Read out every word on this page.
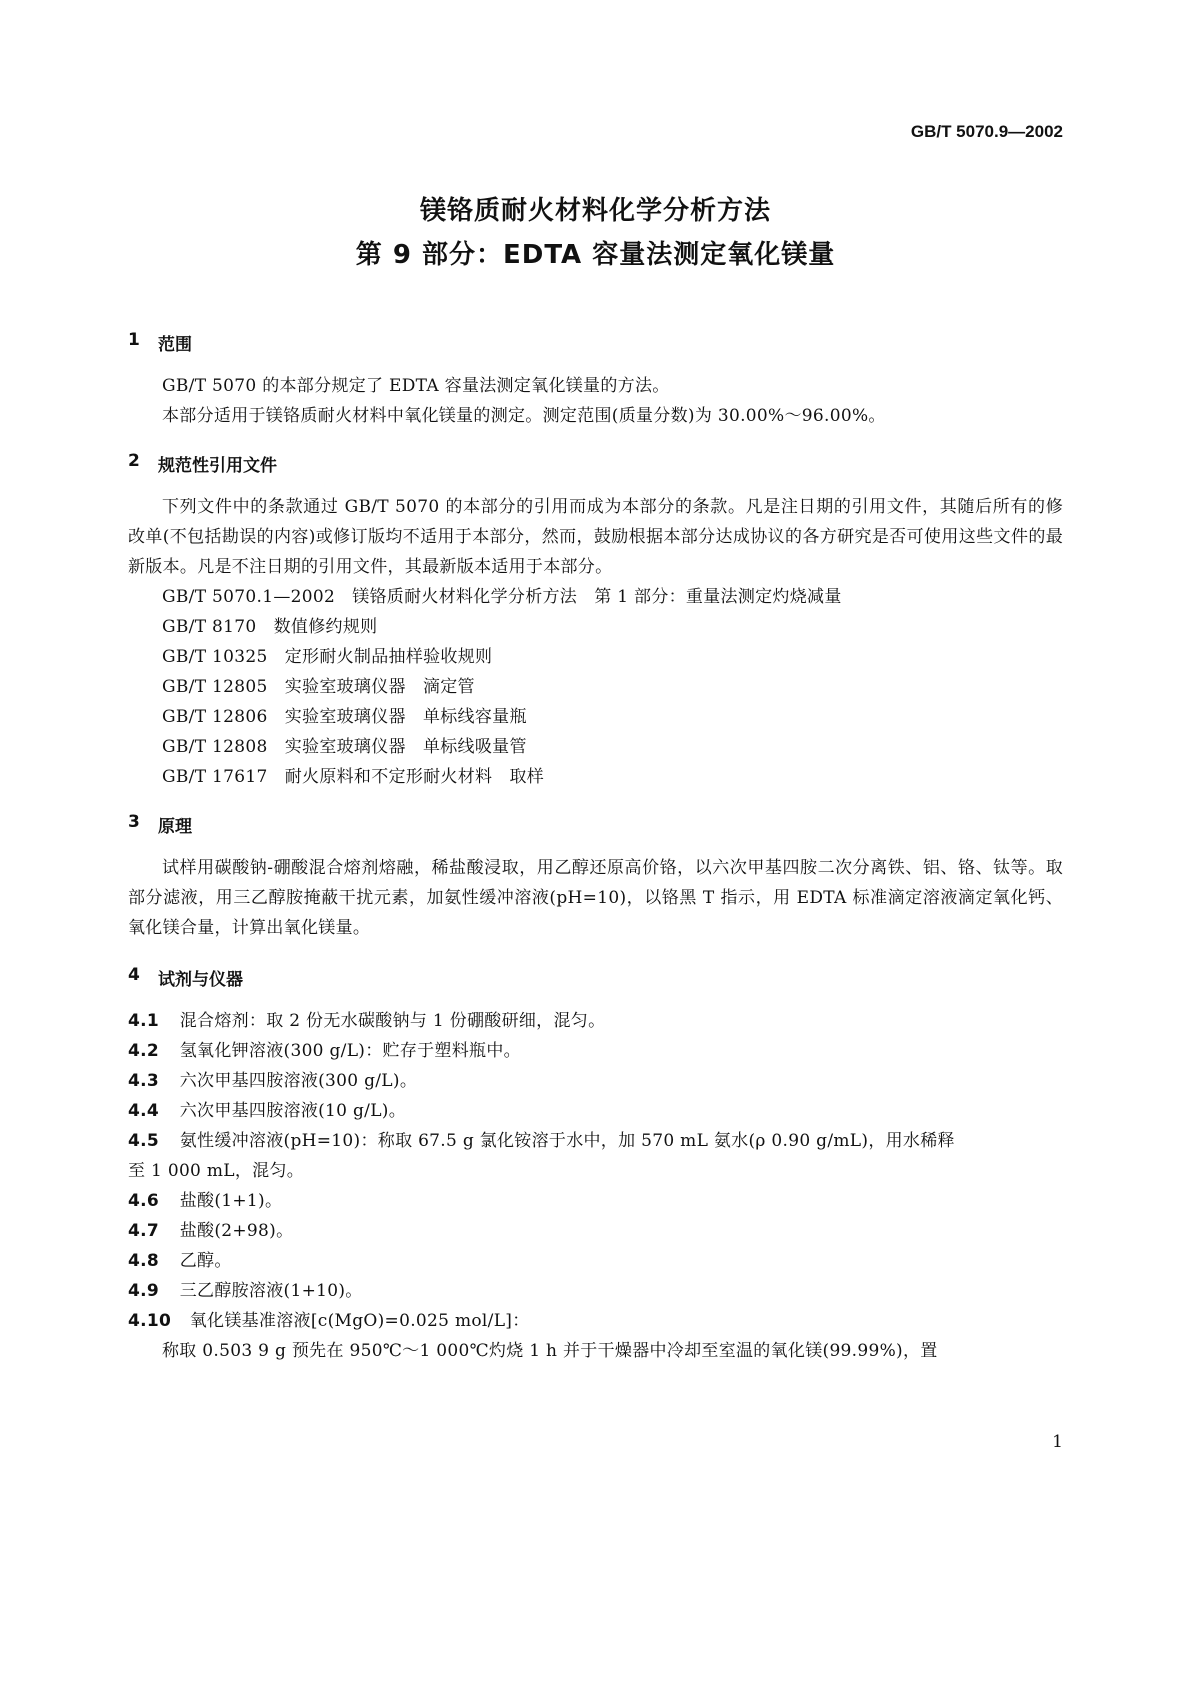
GB/T 5070.9—2002
镁铬质耐火材料化学分析方法
第 9 部分：EDTA 容量法测定氧化镁量
1	范围
GB/T 5070 的本部分规定了 EDTA 容量法测定氧化镁量的方法。
本部分适用于镁铬质耐火材料中氧化镁量的测定。测定范围(质量分数)为 30.00%～96.00%。
2	规范性引用文件
下列文件中的条款通过 GB/T 5070 的本部分的引用而成为本部分的条款。凡是注日期的引用文件，其随后所有的修改单(不包括勘误的内容)或修订版均不适用于本部分，然而，鼓励根据本部分达成协议的各方研究是否可使用这些文件的最新版本。凡是不注日期的引用文件，其最新版本适用于本部分。
GB/T 5070.1—2002   镁铬质耐火材料化学分析方法   第 1 部分：重量法测定灼烧减量
GB/T 8170   数值修约规则
GB/T 10325   定形耐火制品抽样验收规则
GB/T 12805   实验室玻璃仪器   滴定管
GB/T 12806   实验室玻璃仪器   单标线容量瓶
GB/T 12808   实验室玻璃仪器   单标线吸量管
GB/T 17617   耐火原料和不定形耐火材料   取样
3	原理
试样用碳酸钠-硼酸混合熔剂熔融，稀盐酸浸取，用乙醇还原高价铬，以六次甲基四胺二次分离铁、铝、铬、钛等。取部分滤液，用三乙醇胺掩蔽干扰元素，加氨性缓冲溶液(pH=10)，以铬黑 T 指示，用 EDTA 标准滴定溶液滴定氧化钙、氧化镁合量，计算出氧化镁量。
4	试剂与仪器
4.1 混合熔剂：取 2 份无水碳酸钠与 1 份硼酸研细，混匀。
4.2 氢氧化钾溶液(300 g/L)：贮存于塑料瓶中。
4.3 六次甲基四胺溶液(300 g/L)。
4.4 六次甲基四胺溶液(10 g/L)。
4.5 氨性缓冲溶液(pH=10)：称取 67.5 g 氯化铵溶于水中，加 570 mL 氨水(ρ 0.90 g/mL)，用水稀释
至 1 000 mL，混匀。
4.6 盐酸(1+1)。
4.7 盐酸(2+98)。
4.8 乙醇。
4.9 三乙醇胺溶液(1+10)。
4.10 氧化镁基准溶液[c(MgO)=0.025 mol/L]：
称取 0.503 9 g 预先在 950℃～1 000℃灼烧 1 h 并于干燥器中冷却至室温的氧化镁(99.99%)，置
1
